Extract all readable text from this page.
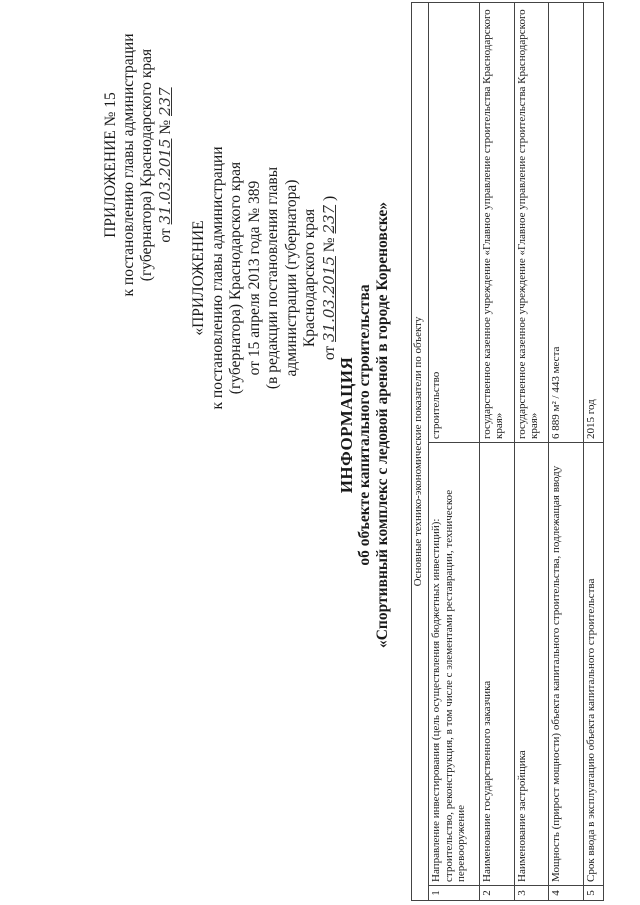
ПРИЛОЖЕНИЕ № 15 к постановлению главы администрации (губернатора) Краснодарского края от 31.03.2015 № 237
«ПРИЛОЖЕНИЕ к постановлению главы администрации (губернатора) Краснодарского края от 15 апреля 2013 года № 389 (в редакции постановления главы администрации (губернатора) Краснодарского края
от 31.03.2015 № 237 )
ИНФОРМАЦИЯ об объекте капитального строительства «Спортивный комплекс с ледовой ареной в городе Кореновске» Основные технико-экономические показатели по объекту		
1	Направление инвестирования (цель осуществления бюджетных инвестиций): строительство, реконструкция, в том числе с элементами реставрации, техническое перевооружение	строительство
2	Наименование государственного заказчика	государственное казенное учреждение «Главное управление строительства Краснодарского края»
3	Наименование застройщика	государственное казенное учреждение «Главное управление строительства Краснодарского края»
4	Мощность (прирост мощности) объекта капитального строительства, подлежащая вводу	6 889 м² / 443 места
5	Срок ввода в эксплуатацию объекта капитального строительства	2015 год
